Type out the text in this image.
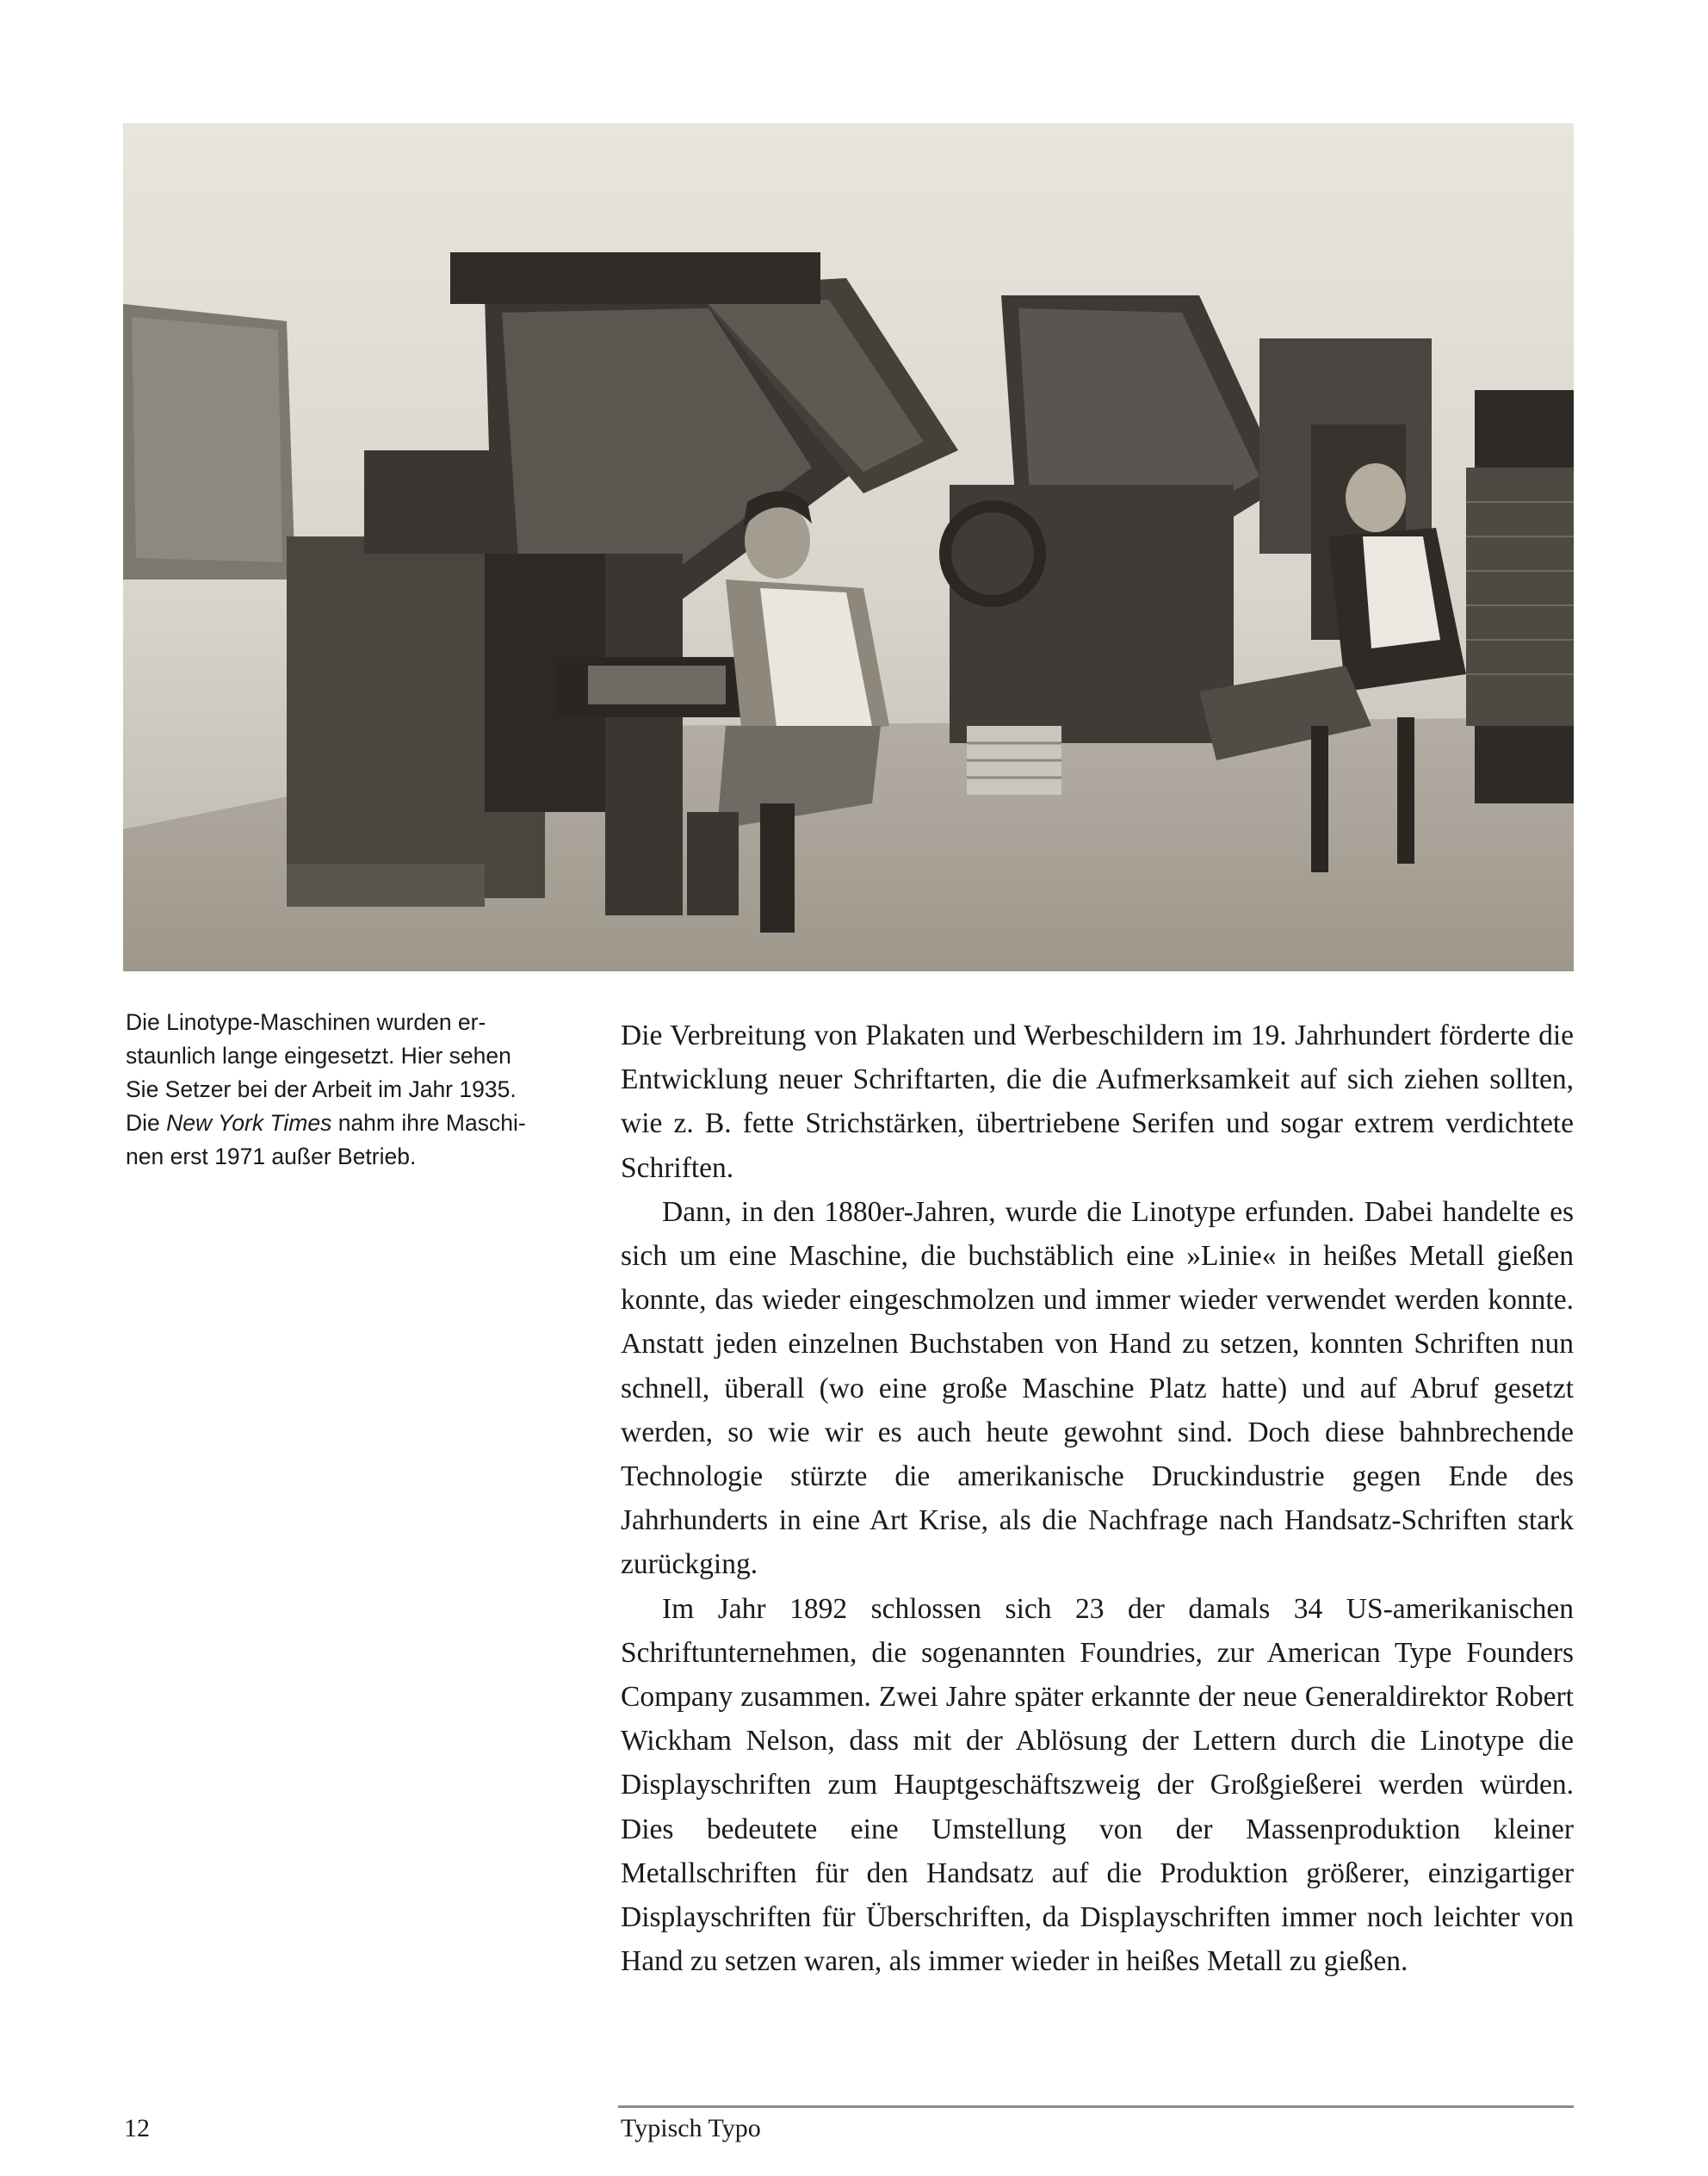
Die Linotype-Maschinen wurden er-

staunlich lange eingesetzt. Hier sehen

Sie Setzer bei der Arbeit im Jahr 1935.

Die New York Times nahm ihre Maschi-

nen erst 1971 außer Betrieb.

Die Verbreitung von Plakaten und Werbeschildern im 19. Jahrhundert förderte die Entwicklung neuer Schriftarten, die die Aufmerksamkeit auf sich ziehen sollten, wie z. B. fette Strichstärken, übertriebene Serifen und sogar extrem verdichtete Schriften.

Dann, in den 1880er-Jahren, wurde die Linotype erfunden. Dabei handelte es sich um eine Maschine, die buchstäblich eine »Linie« in heißes Metall gießen konnte, das wieder eingeschmolzen und immer wieder verwendet werden konnte. Anstatt jeden einzelnen Buchstaben von Hand zu setzen, konnten Schriften nun schnell, überall (wo eine große Maschine Platz hatte) und auf Abruf gesetzt werden, so wie wir es auch heute gewohnt sind. Doch diese bahnbrechende Technologie stürzte die amerikanische Druckindustrie gegen Ende des Jahrhunderts in eine Art Krise, als die Nachfrage nach Handsatz-Schriften stark zurückging.

Im Jahr 1892 schlossen sich 23 der damals 34 US-amerikanischen Schriftunternehmen, die sogenannten Foundries, zur American Type Founders Company zusammen. Zwei Jahre später erkannte der neue Generaldirektor Robert Wickham Nelson, dass mit der Ablösung der Lettern durch die Linotype die Displayschriften zum Hauptgeschäftszweig der Großgießerei werden würden. Dies bedeutete eine Umstellung von der Massenproduktion kleiner Metallschriften für den Handsatz auf die Produktion größerer, einzigartiger Displayschriften für Überschriften, da Displayschriften immer noch leichter von Hand zu setzen waren, als immer wieder in heißes Metall zu gießen.

12	Typisch Typo
